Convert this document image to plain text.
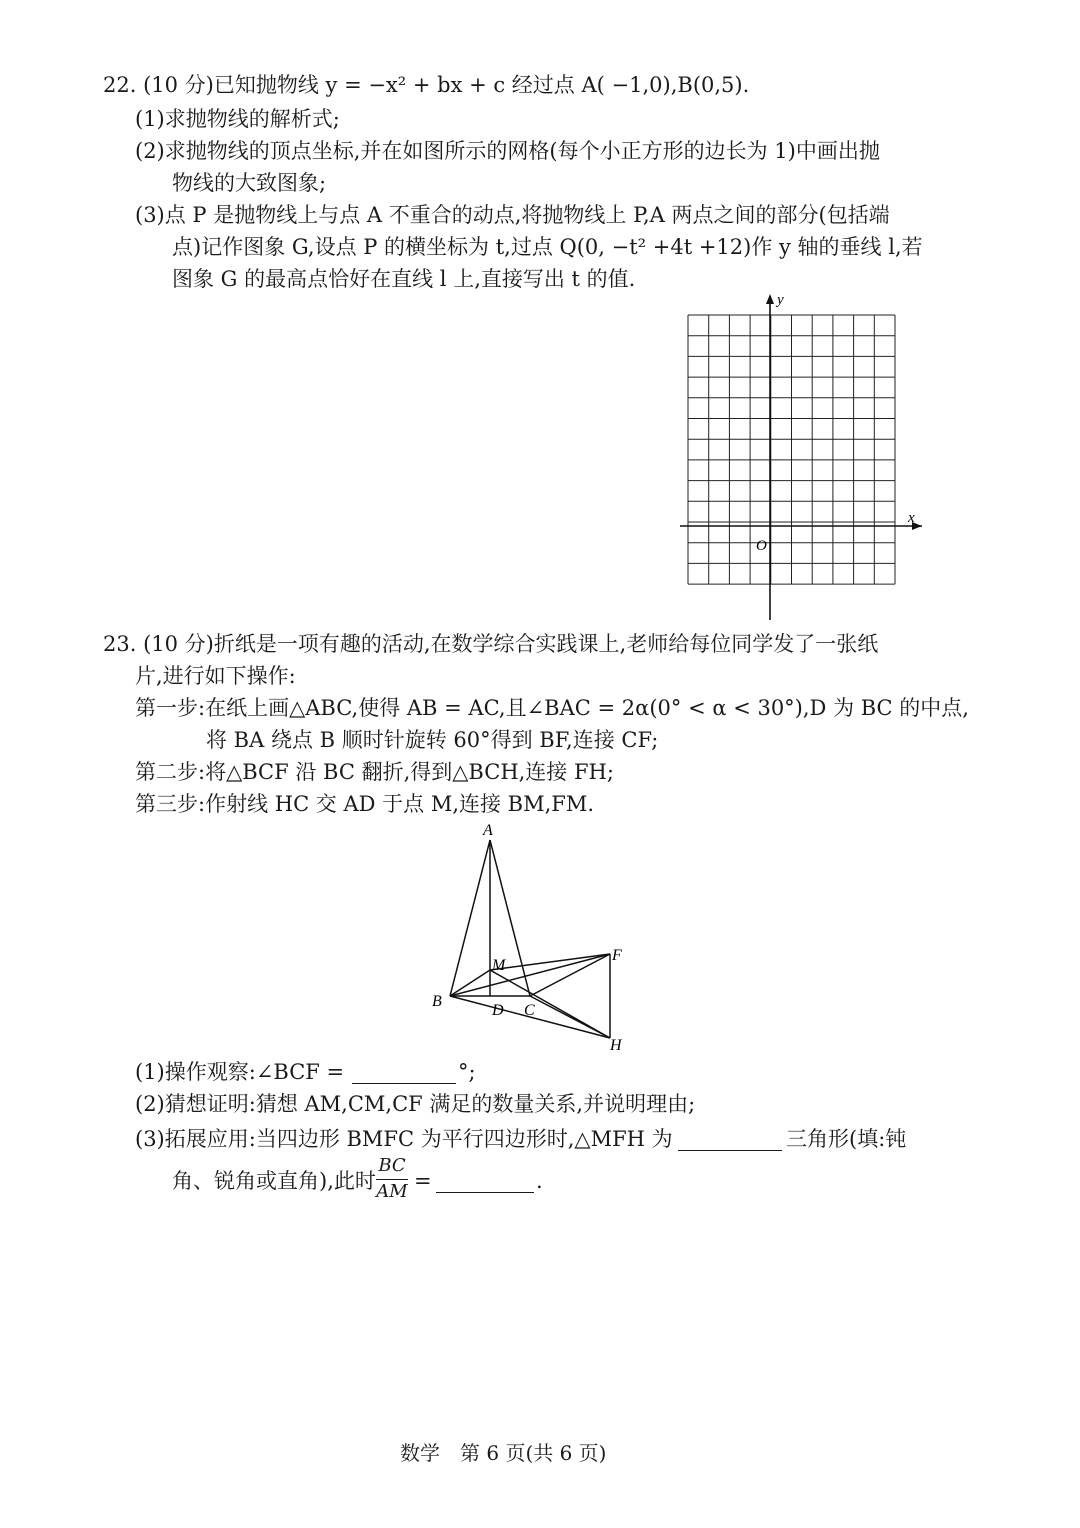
22. (10 分)已知抛物线 y = −x² + bx + c 经过点 A( −1,0),B(0,5).
(1)求抛物线的解析式;
(2)求抛物线的顶点坐标,并在如图所示的网格(每个小正方形的边长为 1)中画出抛
物线的大致图象;
(3)点 P 是抛物线上与点 A 不重合的动点,将抛物线上 P,A 两点之间的部分(包括端
点)记作图象 G,设点 P 的横坐标为 t,过点 Q(0, −t² +4t +12)作 y 轴的垂线 l,若
图象 G 的最高点恰好在直线 l 上,直接写出 t 的值.
y
x
O
23. (10 分)折纸是一项有趣的活动,在数学综合实践课上,老师给每位同学发了一张纸
片,进行如下操作:
第一步:在纸上画△ABC,使得 AB = AC,且∠BAC = 2α(0° < α < 30°),D 为 BC 的中点,
将 BA 绕点 B 顺时针旋转 60°得到 BF,连接 CF;
第二步:将△BCF 沿 BC 翻折,得到△BCH,连接 FH;
第三步:作射线 HC 交 AD 于点 M,连接 BM,FM.
A
B
C
D
F
H
M
(1)操作观察:∠BCF =	°;
(2)猜想证明:猜想 AM,CM,CF 满足的数量关系,并说明理由;
(3)拓展应用:当四边形 BMFC 为平行四边形时,△MFH 为	三角形(填:钝
角、锐角或直角),此时
BC
AM =	.
数学　第 6 页(共 6 页)
